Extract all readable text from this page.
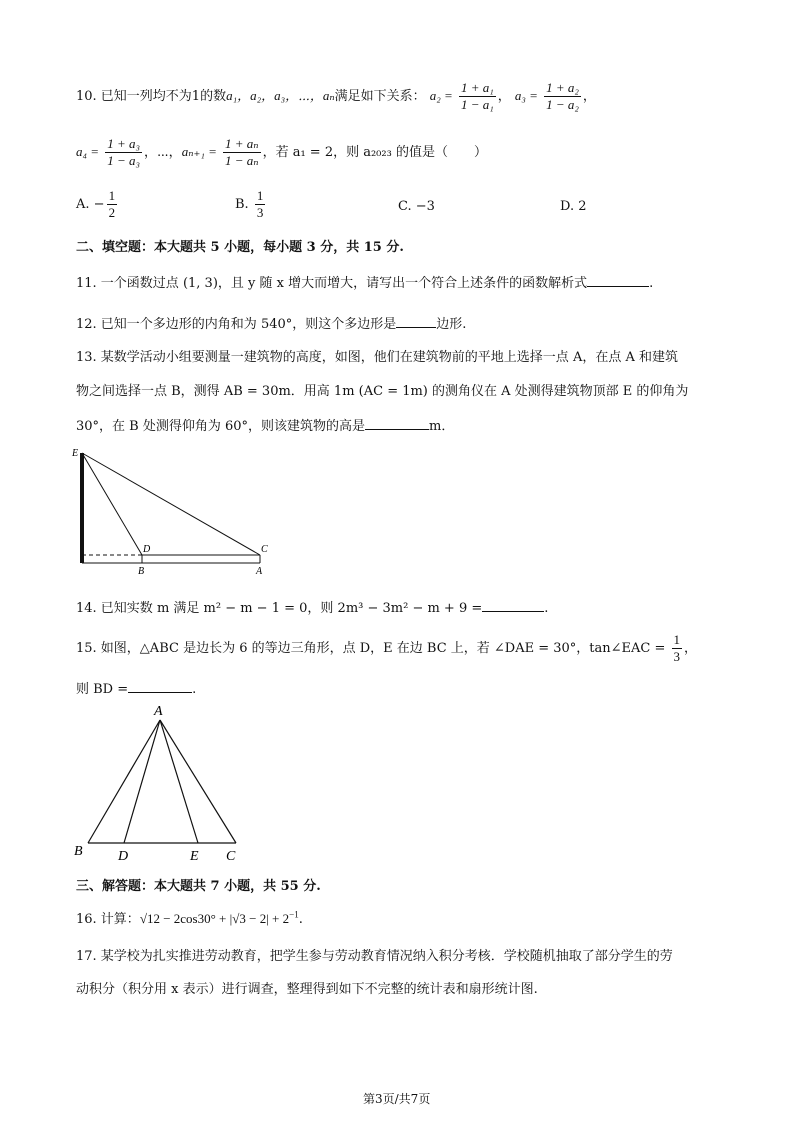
10. 已知一列均不为1的数a₁，a₂，a₃，⋯，aₙ满足如下关系： $a_2 = \frac{\text{1 + a₁}}{\text{1 − a₁}}$ ， $a_3 = \frac{\text{1 + a₂}}{\text{1 − a₂}}$ ，
$a_4 = \frac{\text{1 + a₃}}{\text{1 − a₃}}$ ，⋯，$a_{n+1} = \frac{\text{1 + aₙ}}{\text{1 − aₙ}}$ ，若 a₁ = 2，则 a₂₀₂₃ 的值是（　　）
A. − $\frac{1}{2}$	B. $\frac{1}{3}$	C. −3	D. 2
二、填空题：本大题共 5 小题，每小题 3 分，共 15 分.
11. 一个函数过点 (1, 3)，且 y 随 x 增大而增大，请写出一个符合上述条件的函数解析式	.
12. 已知一个多边形的内角和为 540°，则这个多边形是	边形.
13. 某数学活动小组要测量一建筑物的高度，如图，他们在建筑物前的平地上选择一点 A，在点 A 和建筑
物之间选择一点 B，测得 AB = 30m．用高 1m (AC = 1m) 的测角仪在 A 处测得建筑物顶部 E 的仰角为
30°，在 B 处测得仰角为 60°，则该建筑物的高是	m．
E
D	C
B	A
14. 已知实数 m 满足 m² − m − 1 = 0，则 2m³ − 3m² − m + 9 =	.
15. 如图，△ABC 是边长为 6 的等边三角形，点 D，E 在边 BC 上，若 ∠DAE = 30°，tan∠EAC = $\frac{1}{3}$ ，
则 BD =	.
A
B	D	E C
三、解答题：本大题共 7 小题，共 55 分.
16. 计算：$√12 - 2\cos 30^\circ + |√3 - 2| + 2^{-1}$.
17. 某学校为扎实推进劳动教育，把学生参与劳动教育情况纳入积分考核．学校随机抽取了部分学生的劳
动积分（积分用 x 表示）进行调查，整理得到如下不完整的统计表和扇形统计图.
第3页/共7页
